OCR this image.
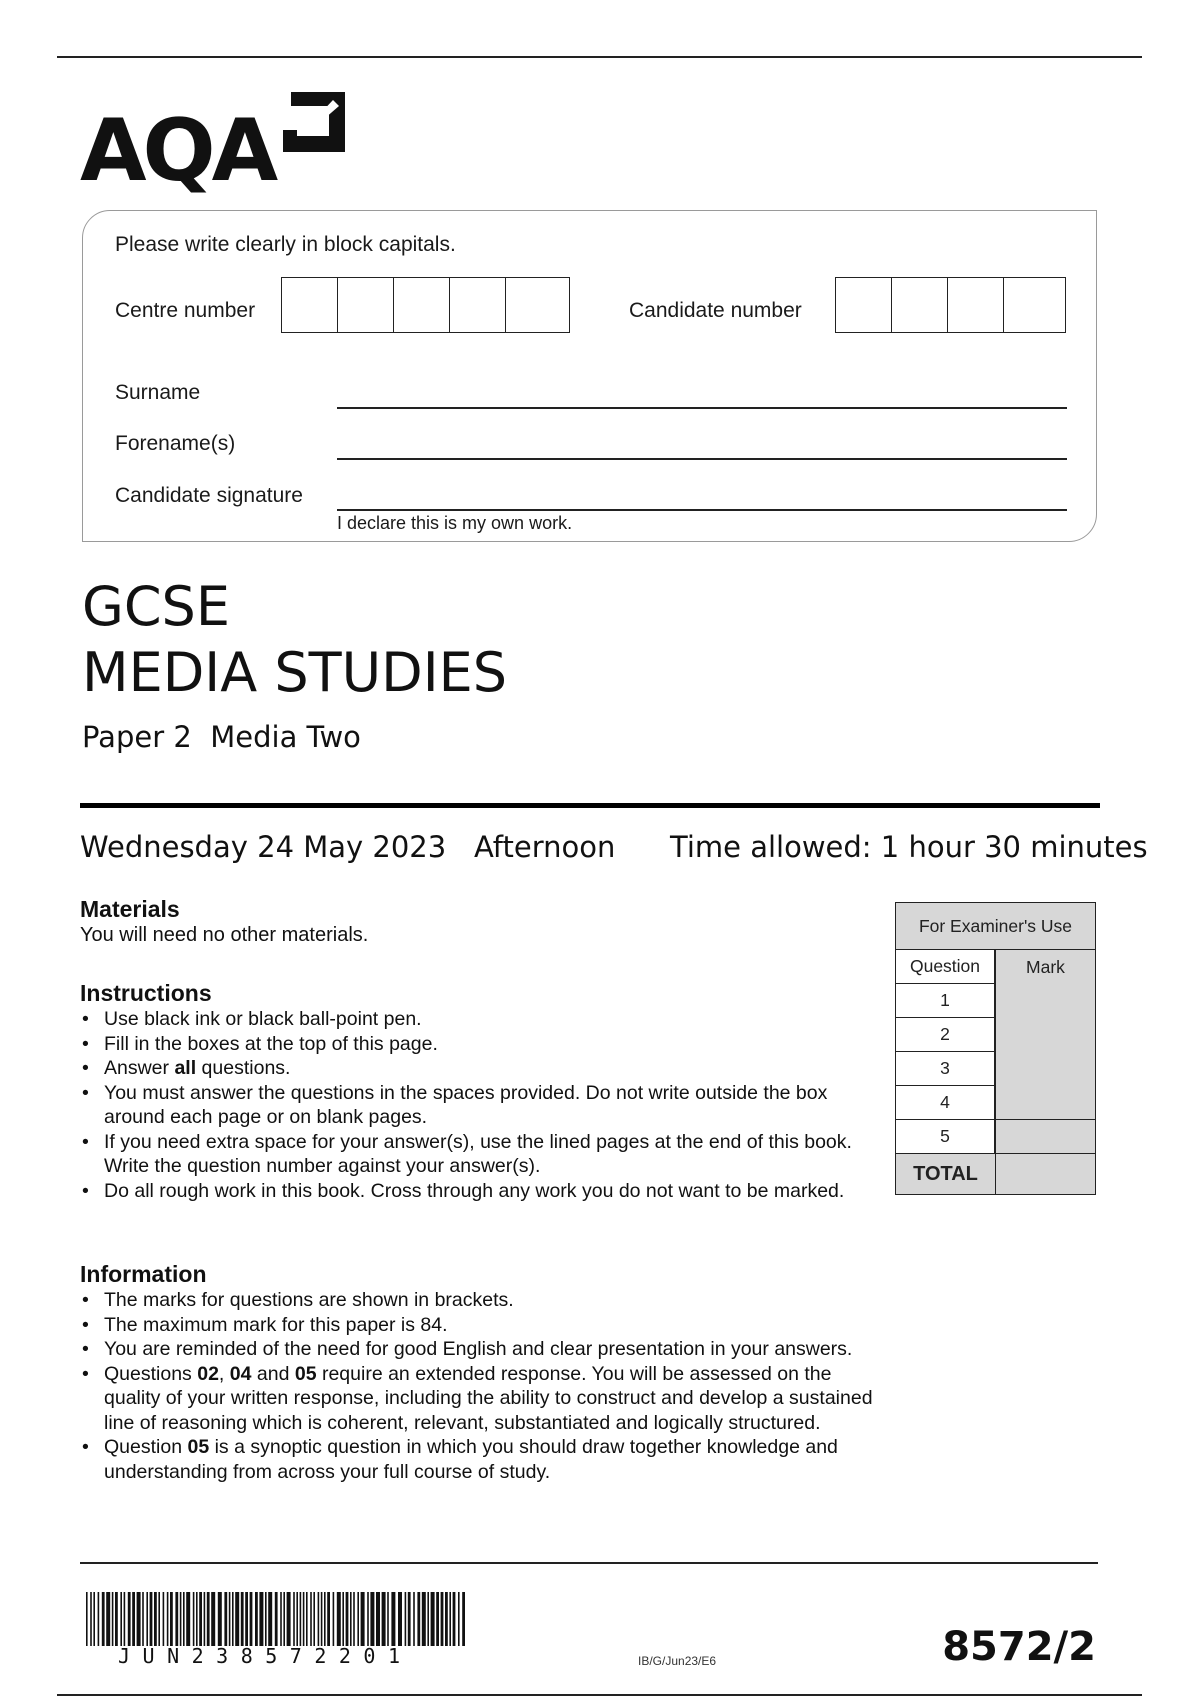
AQA
Please write clearly in block capitals.
Centre number	Candidate number
Surname
Forename(s)
Candidate signature
I declare this is my own work.
GCSE
MEDIA STUDIES
Paper 2  Media Two
Wednesday 24 May 2023 Afternoon Time allowed: 1 hour 30 minutes
Materials
You will need no other materials.
Instructions
• Use black ink or black ball-point pen.
• Fill in the boxes at the top of this page.
• Answer all questions.
• You must answer the questions in the spaces provided. Do not write outside the box around each page or on blank pages.
• If you need extra space for your answer(s), use the lined pages at the end of this book. Write the question number against your answer(s).
• Do all rough work in this book. Cross through any work you do not want to be marked.
Information
For Examiner's Use
Question	Mark
1
2
3
4
5
TOTAL
JUN238572201	IB/G/Jun23/E6	8572/2
• The marks for questions are shown in brackets.
• The maximum mark for this paper is 84.
• You are reminded of the need for good English and clear presentation in your answers.
• Questions 02, 04 and 05 require an extended response. You will be assessed on the quality of your written response, including the ability to construct and develop a sustained line of reasoning which is coherent, relevant, substantiated and logically structured.
• Question 05 is a synoptic question in which you should draw together knowledge and understanding from across your full course of study.
